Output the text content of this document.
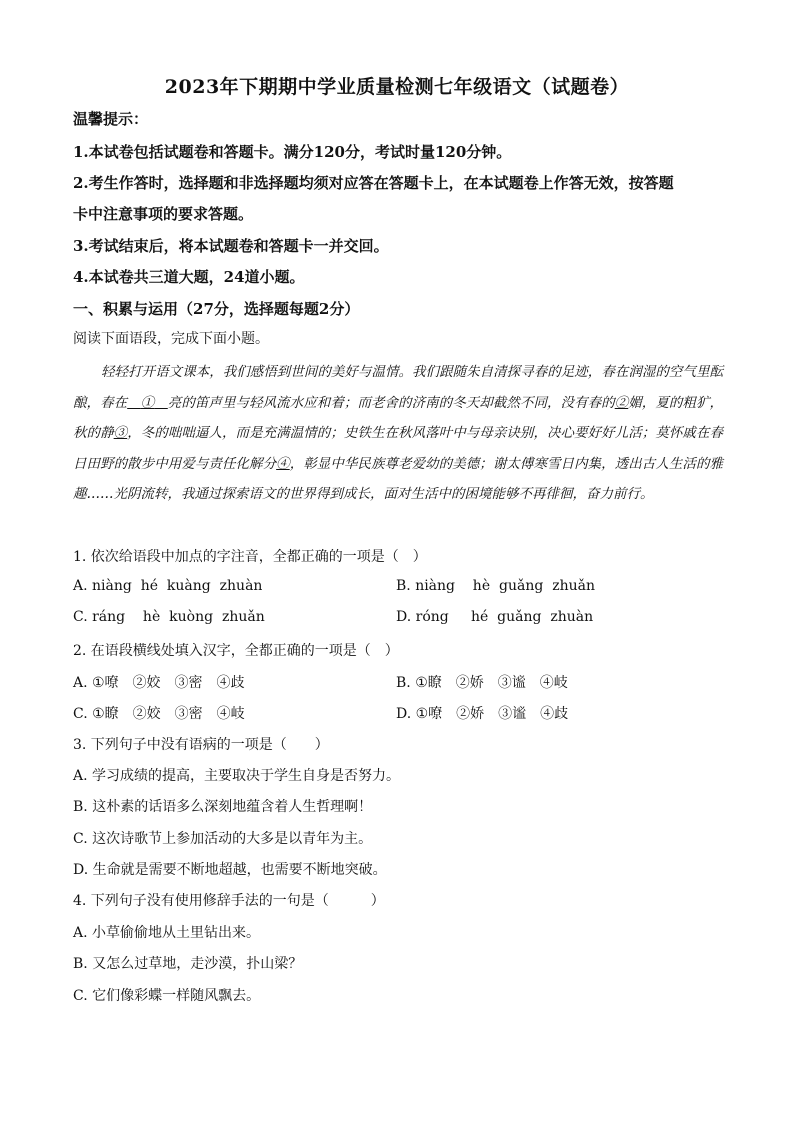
2023年下期期中学业质量检测七年级语文（试题卷）
温馨提示：
1.本试卷包括试题卷和答题卡。满分120分，考试时量120分钟。
2.考生作答时，选择题和非选择题均须对应答在答题卡上，在本试题卷上作答无效，按答题
卡中注意事项的要求答题。
3.考试结束后，将本试题卷和答题卡一并交回。
4.本试卷共三道大题，24道小题。
一、积累与运用（27分，选择题每题2分）
阅读下面语段，完成下面小题。
轻轻打开语文课本，我们感悟到世间的美好与温情。我们跟随朱自清探寻春的足迹，春在润湿的空气里酝酿，春在  ①  亮的笛声里与轻风流水应和着；而老舍的济南的冬天却截然不同，没有春的②媚，夏的粗犷，秋的静③，冬的咄咄逼人，而是充满温情的；史铁生在秋风落叶中与母亲诀别，决心要好好儿活；莫怀戚在春日田野的散步中用爱与责任化解分④，彰显中华民族尊老爱幼的美德；谢太傅寒雪日内集，透出古人生活的雅趣……光阴流转，我通过探索语文的世界得到成长，面对生活中的困境能够不再徘徊，奋力前行。
1. 依次给语段中加点的字注音，全都正确的一项是（　）
A. niàng  hé  kuàng  zhuàn	B. niàng    hè  guǎng  zhuǎn
C. ráng    hè  kuòng  zhuǎn	D. róng     hé  guǎng  zhuàn
2. 在语段横线处填入汉字，全都正确的一项是（　）
A. ①嘹　②姣　③密　④歧	B. ①瞭　②娇　③谧　④岐
C. ①瞭　②姣　③密　④岐	D. ①嘹　②娇　③谧　④歧
3. 下列句子中没有语病的一项是（　　）
A. 学习成绩的提高，主要取决于学生自身是否努力。
B. 这朴素的话语多么深刻地蕴含着人生哲理啊！
C. 这次诗歌节上参加活动的大多是以青年为主。
D. 生命就是需要不断地超越，也需要不断地突破。
4. 下列句子没有使用修辞手法的一句是（　　　）
A. 小草偷偷地从土里钻出来。
B. 又怎么过草地，走沙漠，扑山梁？
C. 它们像彩蝶一样随风飘去。
